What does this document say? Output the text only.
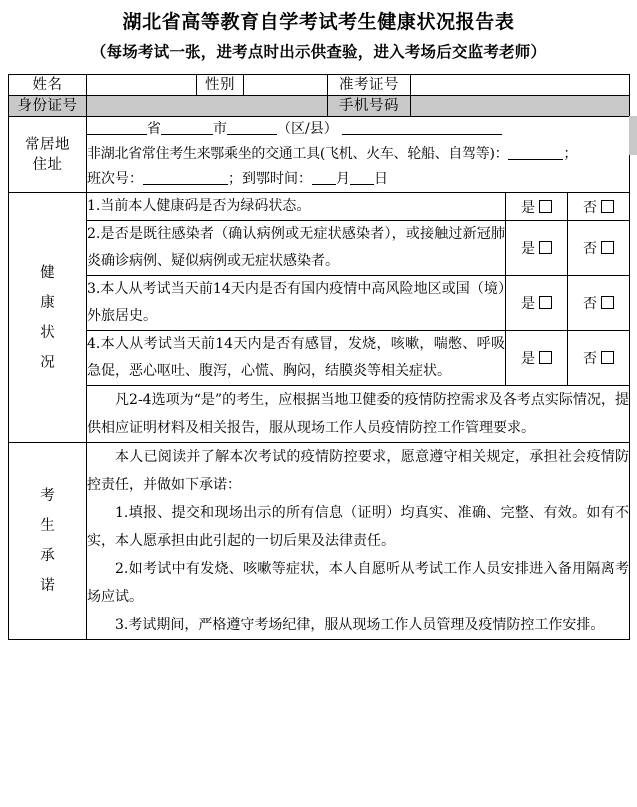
湖北省高等教育自学考试考生健康状况报告表
（每场考试一张，进考点时出示供查验，进入考场后交监考老师）
姓名		性别		准考证号			
身份证号				手机号码			

常居地
住址

省	市	（区/县）
非湖北省常住考生来鄂乘坐的交通工具(飞机、火车、轮船、自驾等)：	；
班次号：	；到鄂时间： 月 日

健
康
状
况	1.当前本人健康码是否为绿码状态。					是	否
	2.是否是既往感染者（确认病例或无症状感染者），或接触过新冠肺炎确诊病例、疑似病例或无症状感染者。					是	否
	3.本人从考试当天前14天内是否有国内疫情中高风险地区或国（境）外旅居史。					是	否
	4.本人从考试当天前14天内是否有感冒，发烧，咳嗽，喘憋、呼吸急促，恶心呕吐、腹泻，心慌、胸闷，结膜炎等相关症状。					是	否

	凡2-4选项为“是”的考生，应根据当地卫健委的疫情防控需求及各考点实际情况，提供相应证明材料及相关报告，服从现场工作人员疫情防控工作管理要求。						

考
生
承
诺

本人已阅读并了解本次考试的疫情防控要求，愿意遵守相关规定，承担社会疫情防控责任，并做如下承诺：

1.填报、提交和现场出示的所有信息（证明）均真实、准确、完整、有效。如有不实，本人愿承担由此引起的一切后果及法律责任。

2.如考试中有发烧、咳嗽等症状，本人自愿听从考试工作人员安排进入备用隔离考场应试。

3.考试期间，严格遵守考场纪律，服从现场工作人员管理及疫情防控工作安排。
